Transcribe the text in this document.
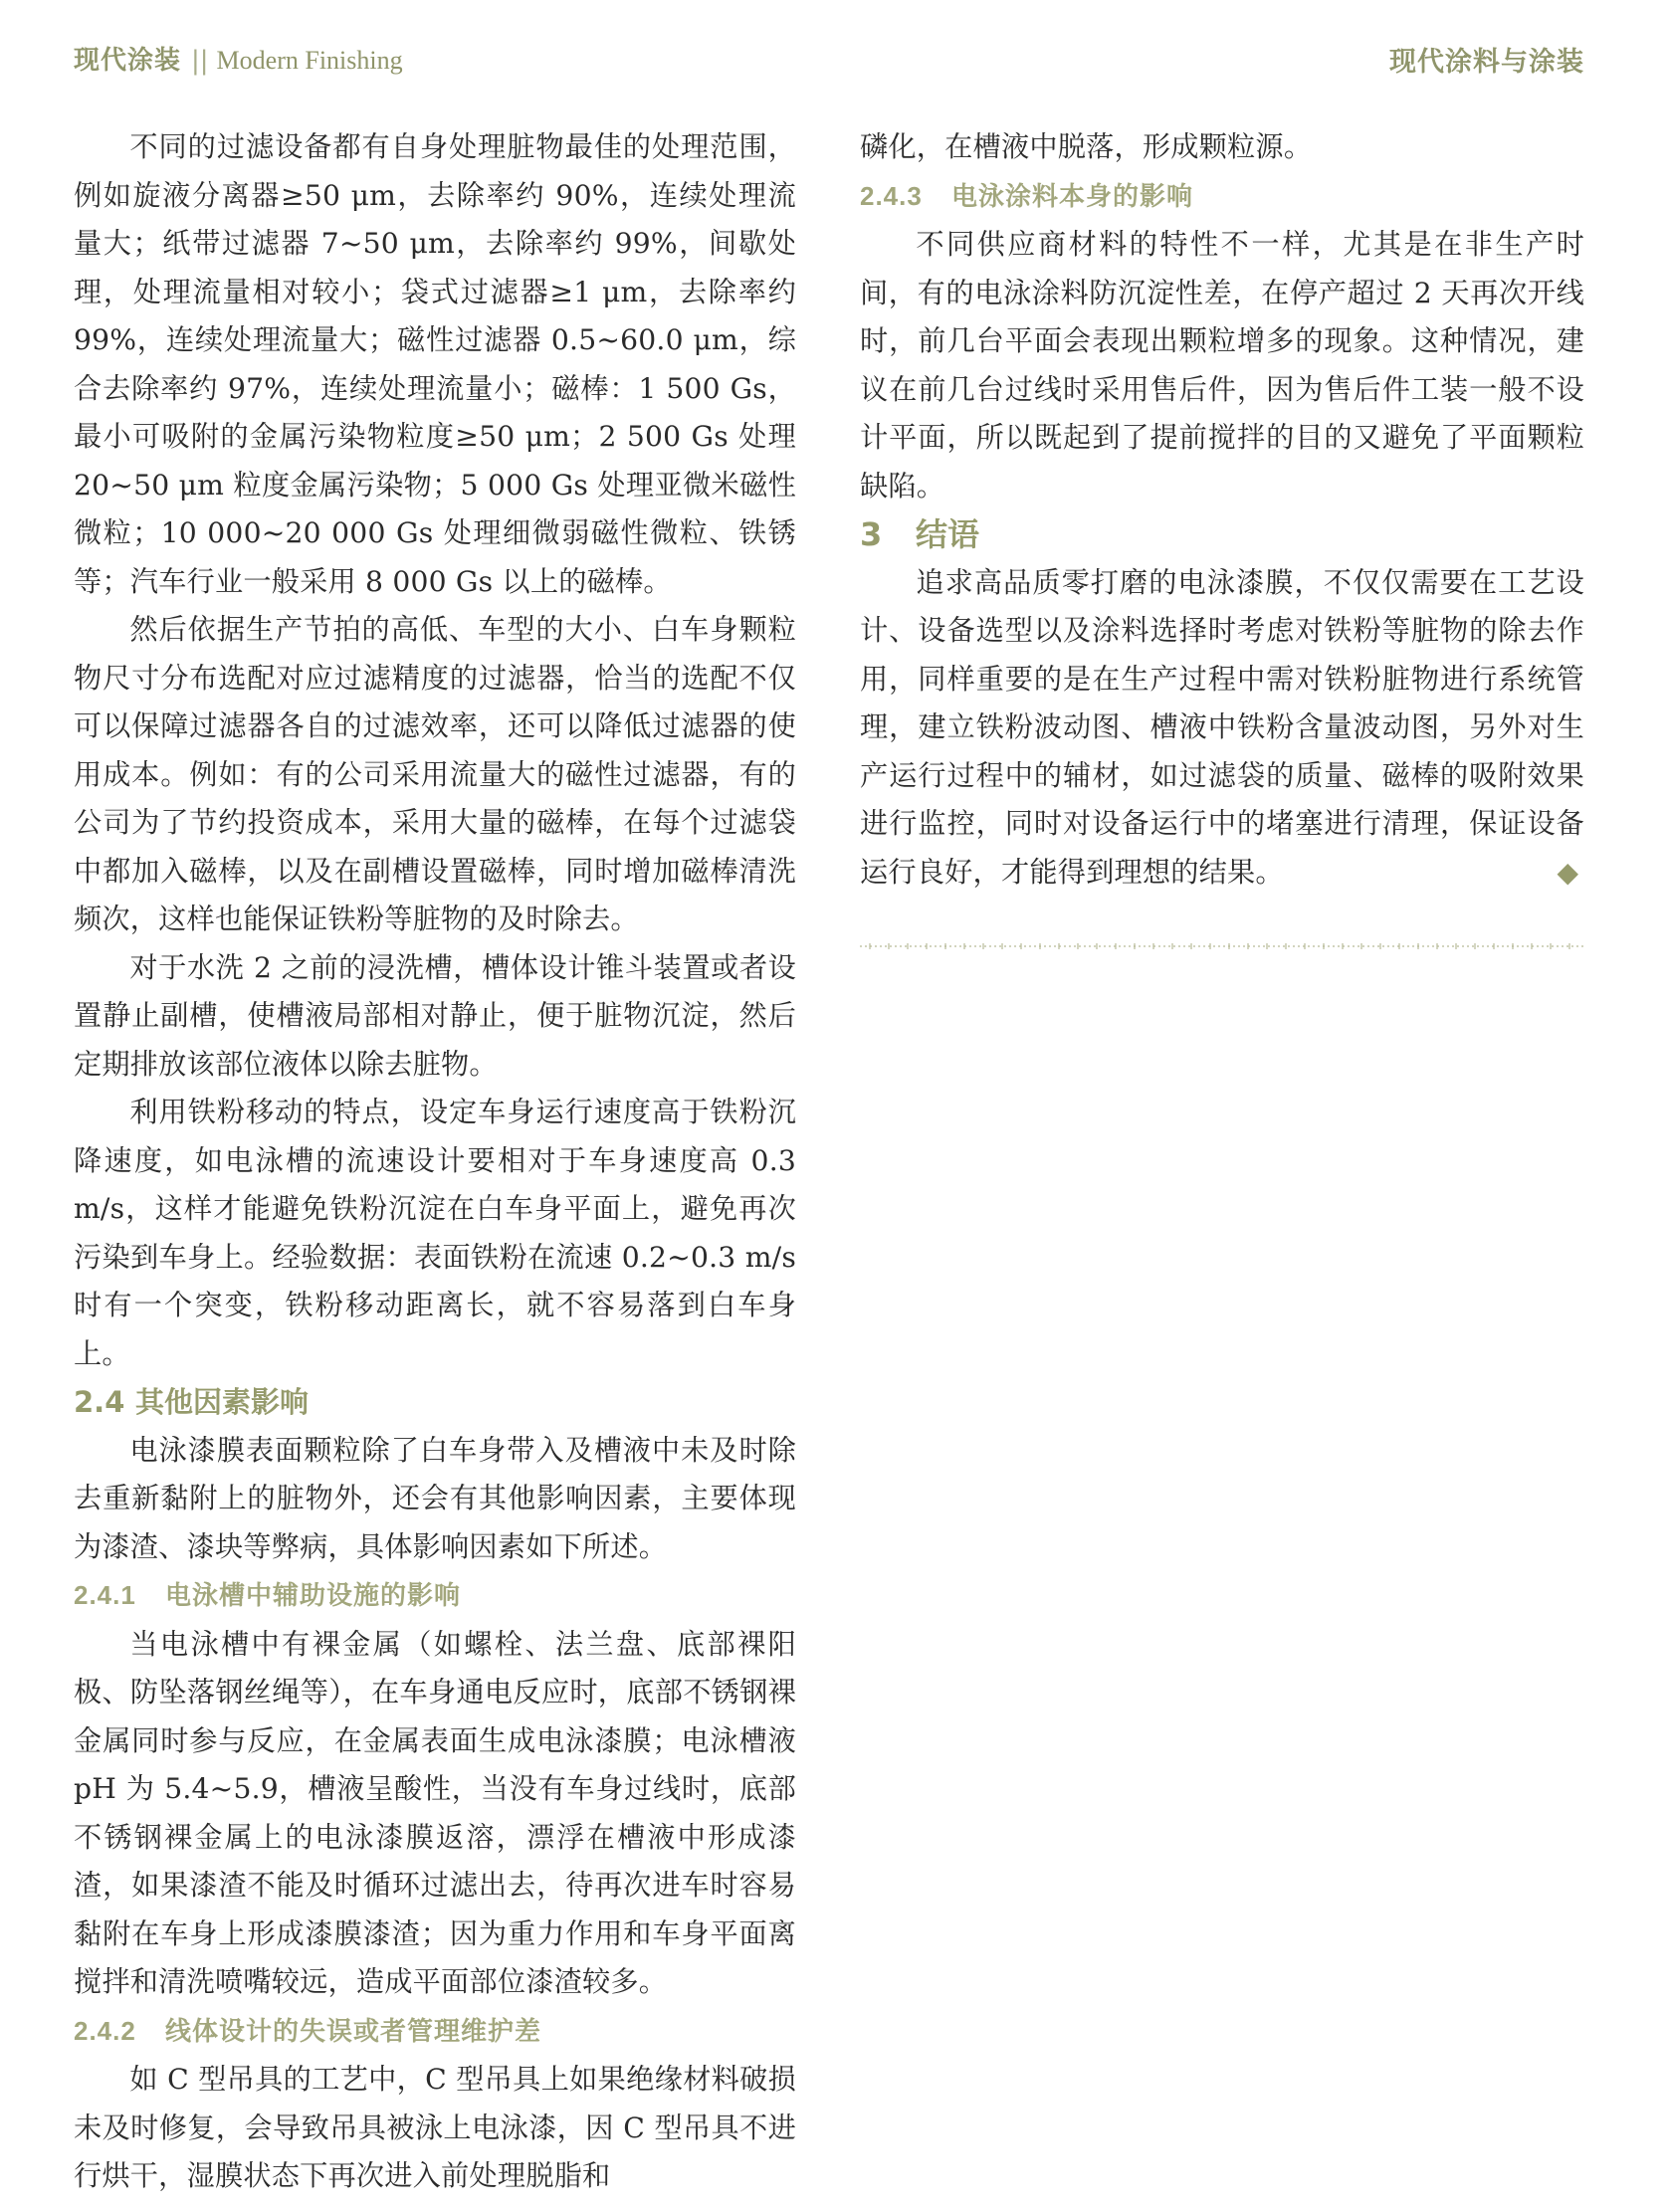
现代涂装 || Modern Finishing	现代涂料与涂装

不同的过滤设备都有自身处理脏物最佳的处理范围，例如旋液分离器≥50 μm，去除率约 90%，连续处理流量大；纸带过滤器 7~50 μm，去除率约 99%，间歇处理，处理流量相对较小；袋式过滤器≥1 μm，去除率约 99%，连续处理流量大；磁性过滤器 0.5~60.0 μm，综合去除率约 97%，连续处理流量小；磁棒：1 500 Gs，最小可吸附的金属污染物粒度≥50 μm；2 500 Gs 处理 20~50 μm 粒度金属污染物；5 000 Gs 处理亚微米磁性微粒；10 000~20 000 Gs 处理细微弱磁性微粒、铁锈等；汽车行业一般采用 8 000 Gs 以上的磁棒。

然后依据生产节拍的高低、车型的大小、白车身颗粒物尺寸分布选配对应过滤精度的过滤器，恰当的选配不仅可以保障过滤器各自的过滤效率，还可以降低过滤器的使用成本。例如：有的公司采用流量大的磁性过滤器，有的公司为了节约投资成本，采用大量的磁棒，在每个过滤袋中都加入磁棒，以及在副槽设置磁棒，同时增加磁棒清洗频次，这样也能保证铁粉等脏物的及时除去。

对于水洗 2 之前的浸洗槽，槽体设计锥斗装置或者设置静止副槽，使槽液局部相对静止，便于脏物沉淀，然后定期排放该部位液体以除去脏物。

利用铁粉移动的特点，设定车身运行速度高于铁粉沉降速度，如电泳槽的流速设计要相对于车身速度高 0.3 m/s，这样才能避免铁粉沉淀在白车身平面上，避免再次污染到车身上。经验数据：表面铁粉在流速 0.2~0.3 m/s 时有一个突变，铁粉移动距离长，就不容易落到白车身上。

2.4 其他因素影响

电泳漆膜表面颗粒除了白车身带入及槽液中未及时除去重新黏附上的脏物外，还会有其他影响因素，主要体现为漆渣、漆块等弊病，具体影响因素如下所述。

2.4.1 电泳槽中辅助设施的影响

当电泳槽中有裸金属（如螺栓、法兰盘、底部裸阳极、防坠落钢丝绳等），在车身通电反应时，底部不锈钢裸金属同时参与反应，在金属表面生成电泳漆膜；电泳槽液 pH 为 5.4~5.9，槽液呈酸性，当没有车身过线时，底部不锈钢裸金属上的电泳漆膜返溶，漂浮在槽液中形成漆渣，如果漆渣不能及时循环过滤出去，待再次进车时容易黏附在车身上形成漆膜漆渣；因为重力作用和车身平面离搅拌和清洗喷嘴较远，造成平面部位漆渣较多。

2.4.2 线体设计的失误或者管理维护差

如 C 型吊具的工艺中，C 型吊具上如果绝缘材料破损未及时修复，会导致吊具被泳上电泳漆，因 C 型吊具不进行烘干，湿膜状态下再次进入前处理脱脂和

磷化，在槽液中脱落，形成颗粒源。

2.4.3 电泳涂料本身的影响

不同供应商材料的特性不一样，尤其是在非生产时间，有的电泳涂料防沉淀性差，在停产超过 2 天再次开线时，前几台平面会表现出颗粒增多的现象。这种情况，建议在前几台过线时采用售后件，因为售后件工装一般不设计平面，所以既起到了提前搅拌的目的又避免了平面颗粒缺陷。

3 结语

追求高品质零打磨的电泳漆膜，不仅仅需要在工艺设计、设备选型以及涂料选择时考虑对铁粉等脏物的除去作用，同样重要的是在生产过程中需对铁粉脏物进行系统管理，建立铁粉波动图、槽液中铁粉含量波动图，另外对生产运行过程中的辅材，如过滤袋的质量、磁棒的吸附效果进行监控，同时对设备运行中的堵塞进行清理，保证设备运行良好，才能得到理想的结果。	◆
